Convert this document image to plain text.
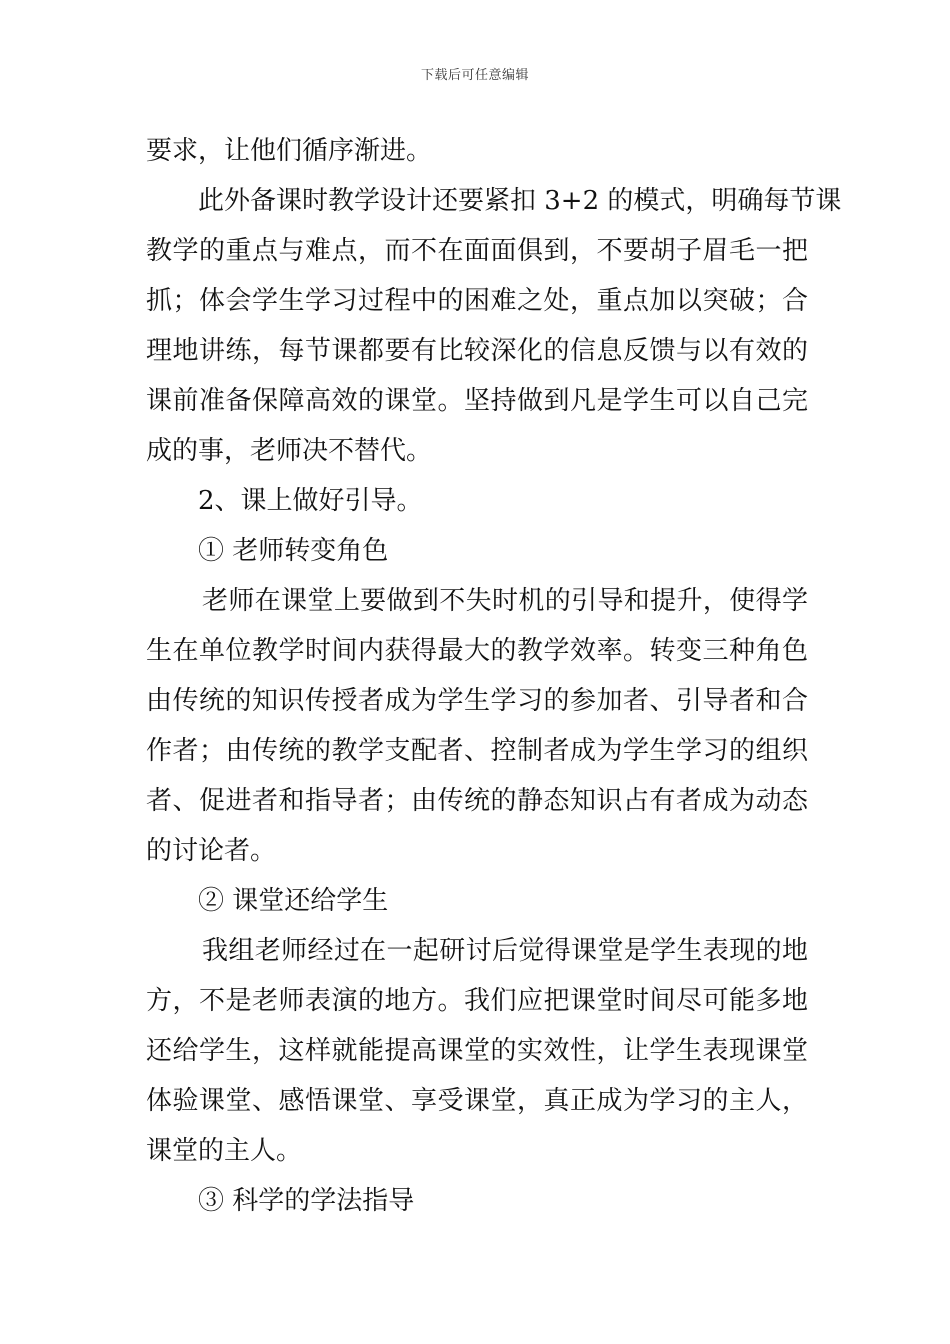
下载后可任意编辑
要求，让他们循序渐进。
此外备课时教学设计还要紧扣 3+2 的模式，明确每节课
教学的重点与难点，而不在面面俱到，不要胡子眉毛一把
抓；体会学生学习过程中的困难之处，重点加以突破；合
理地讲练，每节课都要有比较深化的信息反馈与以有效的
课前准备保障高效的课堂。坚持做到凡是学生可以自己完
成的事，老师决不替代。
2、课上做好引导。
① 老师转变角色
老师在课堂上要做到不失时机的引导和提升，使得学
生在单位教学时间内获得最大的教学效率。转变三种角色
由传统的知识传授者成为学生学习的参加者、引导者和合
作者；由传统的教学支配者、控制者成为学生学习的组织
者、促进者和指导者；由传统的静态知识占有者成为动态
的讨论者。
② 课堂还给学生
我组老师经过在一起研讨后觉得课堂是学生表现的地
方，不是老师表演的地方。我们应把课堂时间尽可能多地
还给学生，这样就能提高课堂的实效性，让学生表现课堂
体验课堂、感悟课堂、享受课堂，真正成为学习的主人，
课堂的主人。
③ 科学的学法指导
